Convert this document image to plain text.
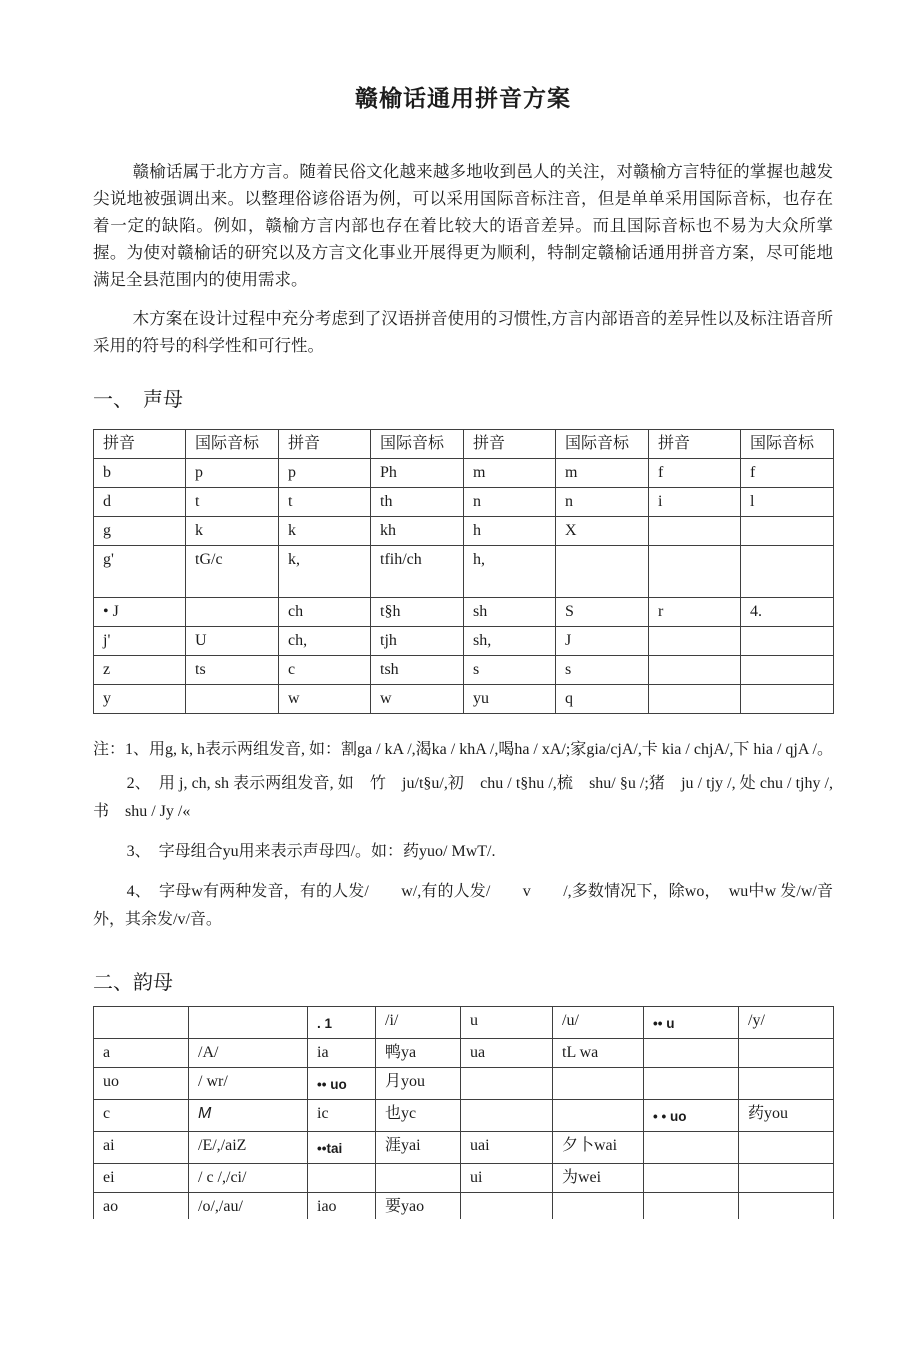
赣榆话通用拼音方案

赣榆话属于北方方言。随着民俗文化越来越多地收到邑人的关注，对赣榆方言特征的掌握也越发尖说地被强调出来。以整理俗谚俗语为例，可以采用国际音标注音，但是单单采用国际音标，也存在着一定的缺陷。例如，赣榆方言内部也存在着比较大的语音差异。而且国际音标也不易为大众所掌握。为使对赣榆话的研究以及方言文化事业开展得更为顺利，特制定赣榆话通用拼音方案，尽可能地满足全县范围内的使用需求。

木方案在设计过程中充分考虑到了汉语拼音使用的习惯性,方言内部语音的差异性以及标注语音所采用的符号的科学性和可行性。

一、　声母
拼音	国际音标	拼音	国际音标	拼音	国际音标	拼音	国际音标
b	p	p	Ph	m	m	f	f
d	t	t	th	n	n	i	l
g	k	k	kh	h	X		
g'	tG/c	k,	tfih/ch	h,			
• J		ch	t§h	sh	S	r	4.
j'	U	ch,	tjh	sh,	J		
z	ts	c	tsh	s	s		
y		w	w	yu	q		

注：1、用g, k, h表示两组发音, 如：割ga / kA /,渴ka / khA /,喝ha / xA/;家gia/cjA/,卡 kia / chjA/,下 hia / qjA /。

2、　用 j, ch, sh 表示两组发音, 如　竹　ju/t§u/,初　chu / t§hu /,梳　shu/ §u /;猪　ju / tjy /, 处 chu / tjhy /,书　shu / Jy /«

3、　字母组合yu用来表示声母四/。如：药yuo/ MwT/.

4、　字母w有两种发音，有的人发/　　w/,有的人发/　　v　　/,多数情况下，除wo，　wu中w 发/w/音外，其余发/v/音。

二、韵母
		. 1	/i/	u	/u/	•• u	/y/
a	/A/	ia	鸭ya	ua	tL wa		
uo	/ wr/	•• uo	月you				
c	M	ic	也yc			• • uo	药you
ai	/E/,/aiZ	••tai	涯yai	uai	夕卜wai		
ei	/ c /,/ci/			ui	为wei		
ao	/o/,/au/	iao	要yao				
